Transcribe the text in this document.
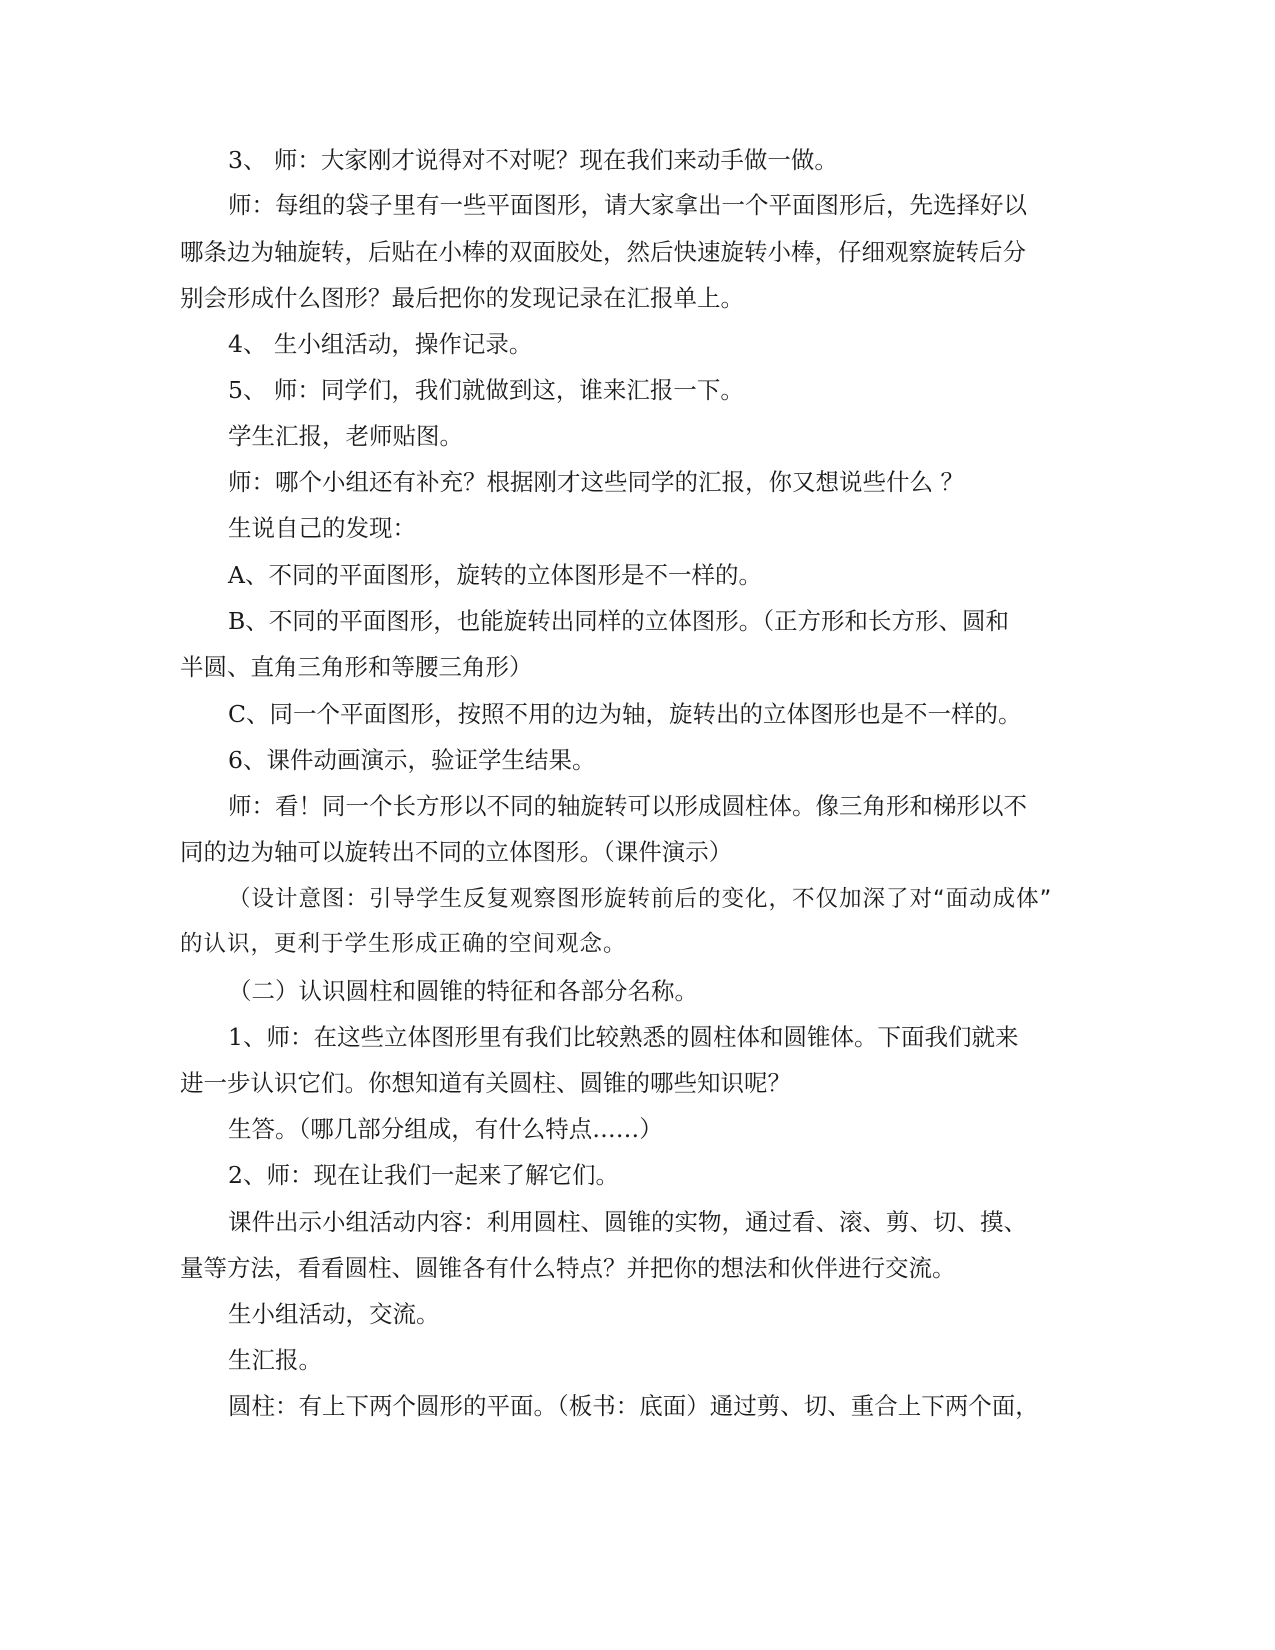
3、 师：大家刚才说得对不对呢？现在我们来动手做一做。
师：每组的袋子里有一些平面图形，请大家拿出一个平面图形后，先选择好以
哪条边为轴旋转，后贴在小棒的双面胶处，然后快速旋转小棒，仔细观察旋转后分
别会形成什么图形？最后把你的发现记录在汇报单上。
4、 生小组活动，操作记录。
5、 师：同学们，我们就做到这，谁来汇报一下。
学生汇报，老师贴图。
师：哪个小组还有补充？根据刚才这些同学的汇报，你又想说些什么 ？
生说自己的发现：
A、不同的平面图形，旋转的立体图形是不一样的。
B、不同的平面图形，也能旋转出同样的立体图形。（正方形和长方形、圆和
半圆、直角三角形和等腰三角形）
C、同一个平面图形，按照不用的边为轴，旋转出的立体图形也是不一样的。
6、课件动画演示，验证学生结果。
师：看！同一个长方形以不同的轴旋转可以形成圆柱体。像三角形和梯形以不
同的边为轴可以旋转出不同的立体图形。（课件演示）
（设计意图：引导学生反复观察图形旋转前后的变化，不仅加深了对“面动成体”
的认识，更利于学生形成正确的空间观念。
（二）认识圆柱和圆锥的特征和各部分名称。
1、师：在这些立体图形里有我们比较熟悉的圆柱体和圆锥体。下面我们就来
进一步认识它们。你想知道有关圆柱、圆锥的哪些知识呢？
生答。（哪几部分组成，有什么特点……）
2、师：现在让我们一起来了解它们。
课件出示小组活动内容：利用圆柱、圆锥的实物，通过看、滚、剪、切、摸、
量等方法，看看圆柱、圆锥各有什么特点？并把你的想法和伙伴进行交流。
生小组活动，交流。
生汇报。
圆柱：有上下两个圆形的平面。（板书：底面）通过剪、切、重合上下两个面，
